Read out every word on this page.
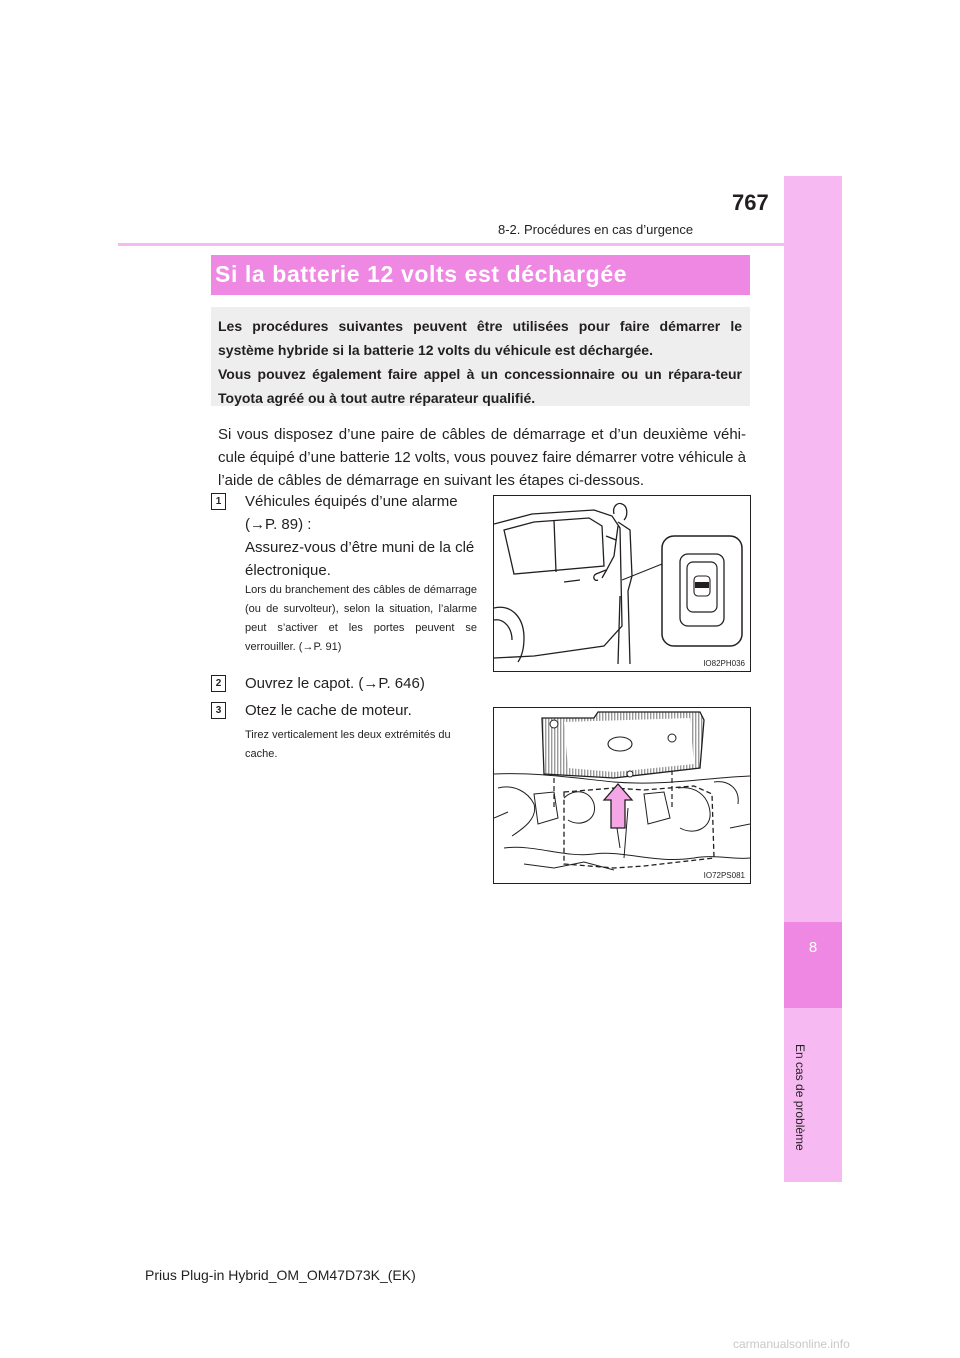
8
En cas de problème
767
8-2. Procédures en cas d’urgence
Si la batterie 12 volts est déchargée

Les procédures suivantes peuvent être utilisées pour faire démarrer le système hybride si la batterie 12 volts du véhicule est déchargée.

Vous pouvez également faire appel à un concessionnaire ou un répara-teur Toyota agréé ou à tout autre réparateur qualifié.

Si vous disposez d’une paire de câbles de démarrage et d’un deuxième véhi-cule équipé d’une batterie 12 volts, vous pouvez faire démarrer votre véhicule à l’aide de câbles de démarrage en suivant les étapes ci-dessous.

1	Véhicules équipés d’une alarme
(→P. 89) :
Assurez-vous d’être muni de la clé
électronique.
Lors du branchement des câbles de démarrage (ou de survolteur), selon la situation, l’alarme peut s’activer et les portes peuvent se verrouiller. (→P. 91)
IO82PH036
2	Ouvrez le capot. (→P. 646)
3	Otez le cache de moteur.
Tirez verticalement les deux extrémités du cache.
IO72PS081
Prius Plug-in Hybrid_OM_OM47D73K_(EK)
carmanualsonline.info
